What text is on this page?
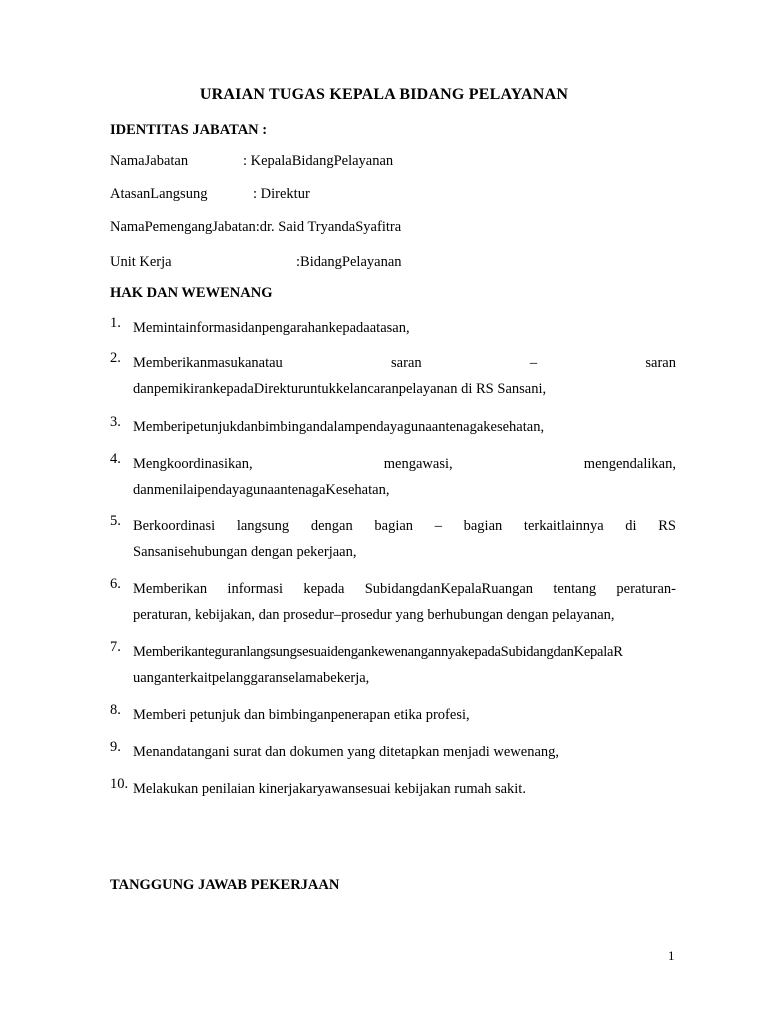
URAIAN TUGAS KEPALA BIDANG PELAYANAN
IDENTITAS JABATAN :
NamaJabatan	: KepalaBidangPelayanan
AtasanLangsung	: Direktur
NamaPemengangJabatan:dr. Said TryandaSyafitra
Unit Kerja	:BidangPelayanan
HAK DAN WEWENANG
1. Memintainformasidanpengarahankepadaatasan,
2. Memberikanmasukanatau saran – saran
danpemikirankepadaDirekturuntukkelancaranpelayanan di RS Sansani,
3. Memberipetunjukdanbimbingandalampendayagunaantenagakesehatan,
4. Mengkoordinasikan, mengawasi, mengendalikan,
danmenilaipendayagunaantenagaKesehatan,
5. Berkoordinasi langsung dengan bagian – bagian terkaitlainnya di RS
Sansanisehubungan dengan pekerjaan,
6. Memberikan informasi kepada SubidangdanKepalaRuangan tentang peraturan-
peraturan, kebijakan, dan prosedur–prosedur yang berhubungan dengan pelayanan,
7. MemberikanteguranlangsungsesuaidengankewenangannyakepadaSubidangdanKepalaR
uanganterkaitpelanggaranselamabekerja,
8. Memberi petunjuk dan bimbinganpenerapan etika profesi,
9. Menandatangani surat dan dokumen yang ditetapkan menjadi wewenang,
10. Melakukan penilaian kinerjakaryawansesuai kebijakan rumah sakit.
TANGGUNG JAWAB PEKERJAAN
1
